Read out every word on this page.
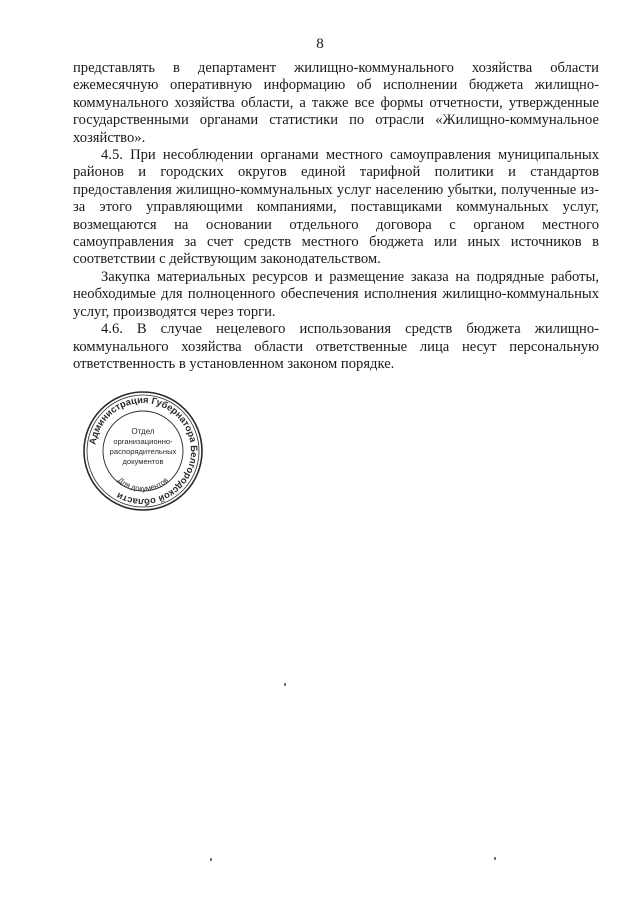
8

представлять в департамент жилищно-коммунального хозяйства области ежемесячную оперативную информацию об исполнении бюджета жилищно-коммунального хозяйства области, а также все формы отчетности, утвержденные государственными органами статистики по отрасли «Жилищно-коммунальное хозяйство».

4.5. При несоблюдении органами местного самоуправления муниципальных районов и городских округов единой тарифной политики и стандартов предоставления жилищно-коммунальных услуг населению убытки, полученные из-за этого управляющими компаниями, поставщиками коммунальных услуг, возмещаются на основании отдельного договора с органом местного самоуправления за счет средств местного бюджета или иных источников в соответствии с действующим законодательством.

Закупка материальных ресурсов и размещение заказа на подрядные работы, необходимые для полноценного обеспечения исполнения жилищно-коммунальных услуг, производятся через торги.

4.6. В случае нецелевого использования средств бюджета жилищно-коммунального хозяйства области ответственные лица несут персональную ответственность в установленном законом порядке.

Администрация Губернатора Белгородской области
Для документов
Отдел
организационно-
распорядительных
документов
